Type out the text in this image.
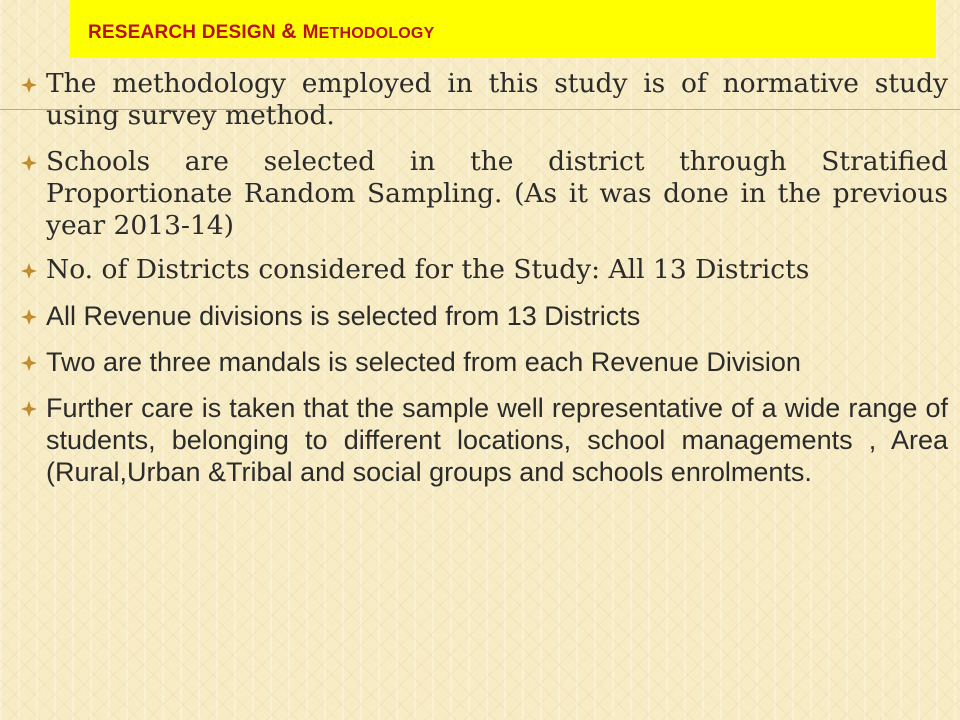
RESEARCH DESIGN & METHODOLOGY
The methodology employed in this study is of normative study using survey method.
Schools are selected in the district through Stratified Proportionate Random Sampling. (As it was done in the previous year 2013-14)
No. of Districts considered for the Study: All 13 Districts
All Revenue divisions is selected from 13 Districts
Two are three mandals is selected from each Revenue Division
Further care is taken that the sample well representative of a wide range of students, belonging to different locations, school managements , Area (Rural,Urban &Tribal and social groups and schools enrolments.
